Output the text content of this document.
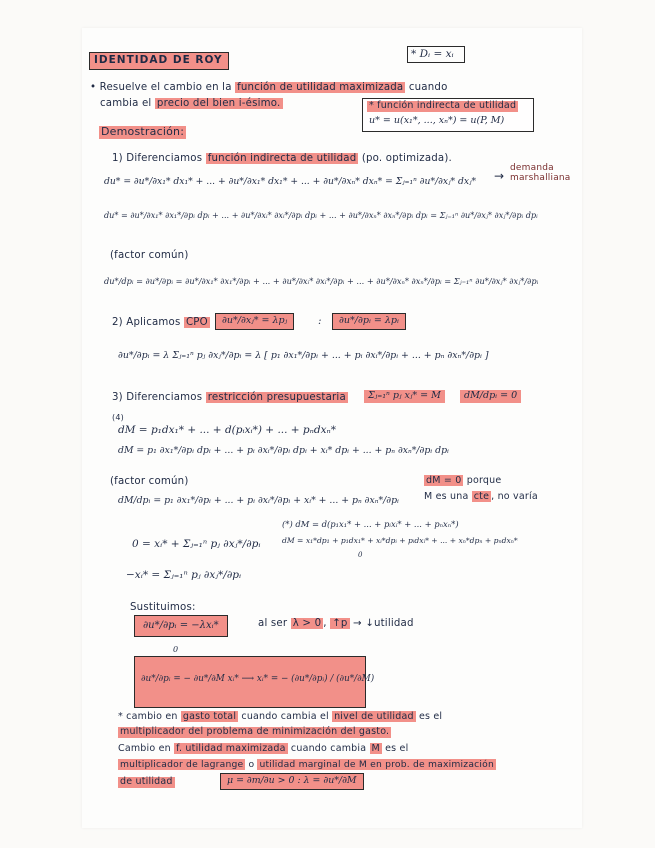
IDENTIDAD DE ROY	* Dᵢ = xᵢ
• Resuelve el cambio en la función de utilidad maximizada cuando
cambia el precio del bien i-ésimo.	* función indirecta de utilidad
u* = u(x₁*, ..., xₙ*) = u(P, M)
Demostración:
1) Diferenciamos función indirecta de utilidad (po. optimizada).
du* = ∂u*/∂x₁* dx₁* + ... + ∂u*/∂x₁* dx₁* + ... + ∂u*/∂xₙ* dxₙ* = Σⱼ₌₁ⁿ ∂u*/∂xⱼ* dxⱼ*
demanda marshalliana
→
du* = ∂u*/∂x₁* ∂x₁*/∂pᵢ dpᵢ + ... + ∂u*/∂xᵢ* ∂xᵢ*/∂pᵢ dpᵢ + ... + ∂u*/∂xₙ* ∂xₙ*/∂pᵢ dpᵢ = Σⱼ₌₁ⁿ ∂u*/∂xⱼ* ∂xⱼ*/∂pᵢ dpᵢ
(factor común)
du*/dpᵢ = ∂u*/∂pᵢ = ∂u*/∂x₁* ∂x₁*/∂pᵢ + ... + ∂u*/∂xᵢ* ∂xᵢ*/∂pᵢ + ... + ∂u*/∂xₙ* ∂xₙ*/∂pᵢ = Σⱼ₌₁ⁿ ∂u*/∂xⱼ* ∂xⱼ*/∂pᵢ
2) Aplicamos CPO	∂u*/∂xⱼ* = λpⱼ	:	∂u*/∂pᵢ = λpᵢ
∂u*/∂pᵢ = λ Σⱼ₌₁ⁿ pⱼ ∂xⱼ*/∂pᵢ = λ [ p₁ ∂x₁*/∂pᵢ + ... + pᵢ ∂xᵢ*/∂pᵢ + ... + pₙ ∂xₙ*/∂pᵢ ]
3) Diferenciamos restricción presupuestaria	Σⱼ₌₁ⁿ pⱼ xⱼ* = M	dM/dpᵢ = 0
(4)
dM = p₁dx₁* + ... + d(pᵢxᵢ*) + ... + pₙdxₙ*
dM = p₁ ∂x₁*/∂pᵢ dpᵢ + ... + pᵢ ∂xᵢ*/∂pᵢ dpᵢ + xᵢ* dpᵢ + ... + pₙ ∂xₙ*/∂pᵢ dpᵢ
(factor común)	dM = 0 porque
M es una cte , no varía
dM/dpᵢ = p₁ ∂x₁*/∂pᵢ + ... + pᵢ ∂xᵢ*/∂pᵢ + xᵢ* + ... + pₙ ∂xₙ*/∂pᵢ
(*) dM = d(p₁x₁* + ... + pᵢxᵢ* + ... + pₙxₙ*)
dM = x₁*dp₁ + p₁dx₁* + xᵢ*dpᵢ + pᵢdxᵢ* + ... + xₙ*dpₙ + pₙdxₙ*
0
0 = xᵢ* + Σⱼ₌₁ⁿ pⱼ ∂xⱼ*/∂pᵢ
−xᵢ* = Σⱼ₌₁ⁿ pⱼ ∂xⱼ*/∂pᵢ
Sustituimos:
∂u*/∂pᵢ = −λxᵢ*	al ser λ > 0 , ↑p → ↓utilidad
0
∂u*/∂pᵢ = − ∂u*/∂M xᵢ* ⟶ xᵢ* = − (∂u*/∂pᵢ) / (∂u*/∂M)
* cambio en gasto total cuando cambia el nivel de utilidad es el
multiplicador del problema de minimización del gasto.
Cambio en f. utilidad maximizada cuando cambia M es el
multiplicador de lagrange o utilidad marginal de M en prob. de maximización
de utilidad	μ = ∂m/∂u > 0 : λ = ∂u*/∂M
